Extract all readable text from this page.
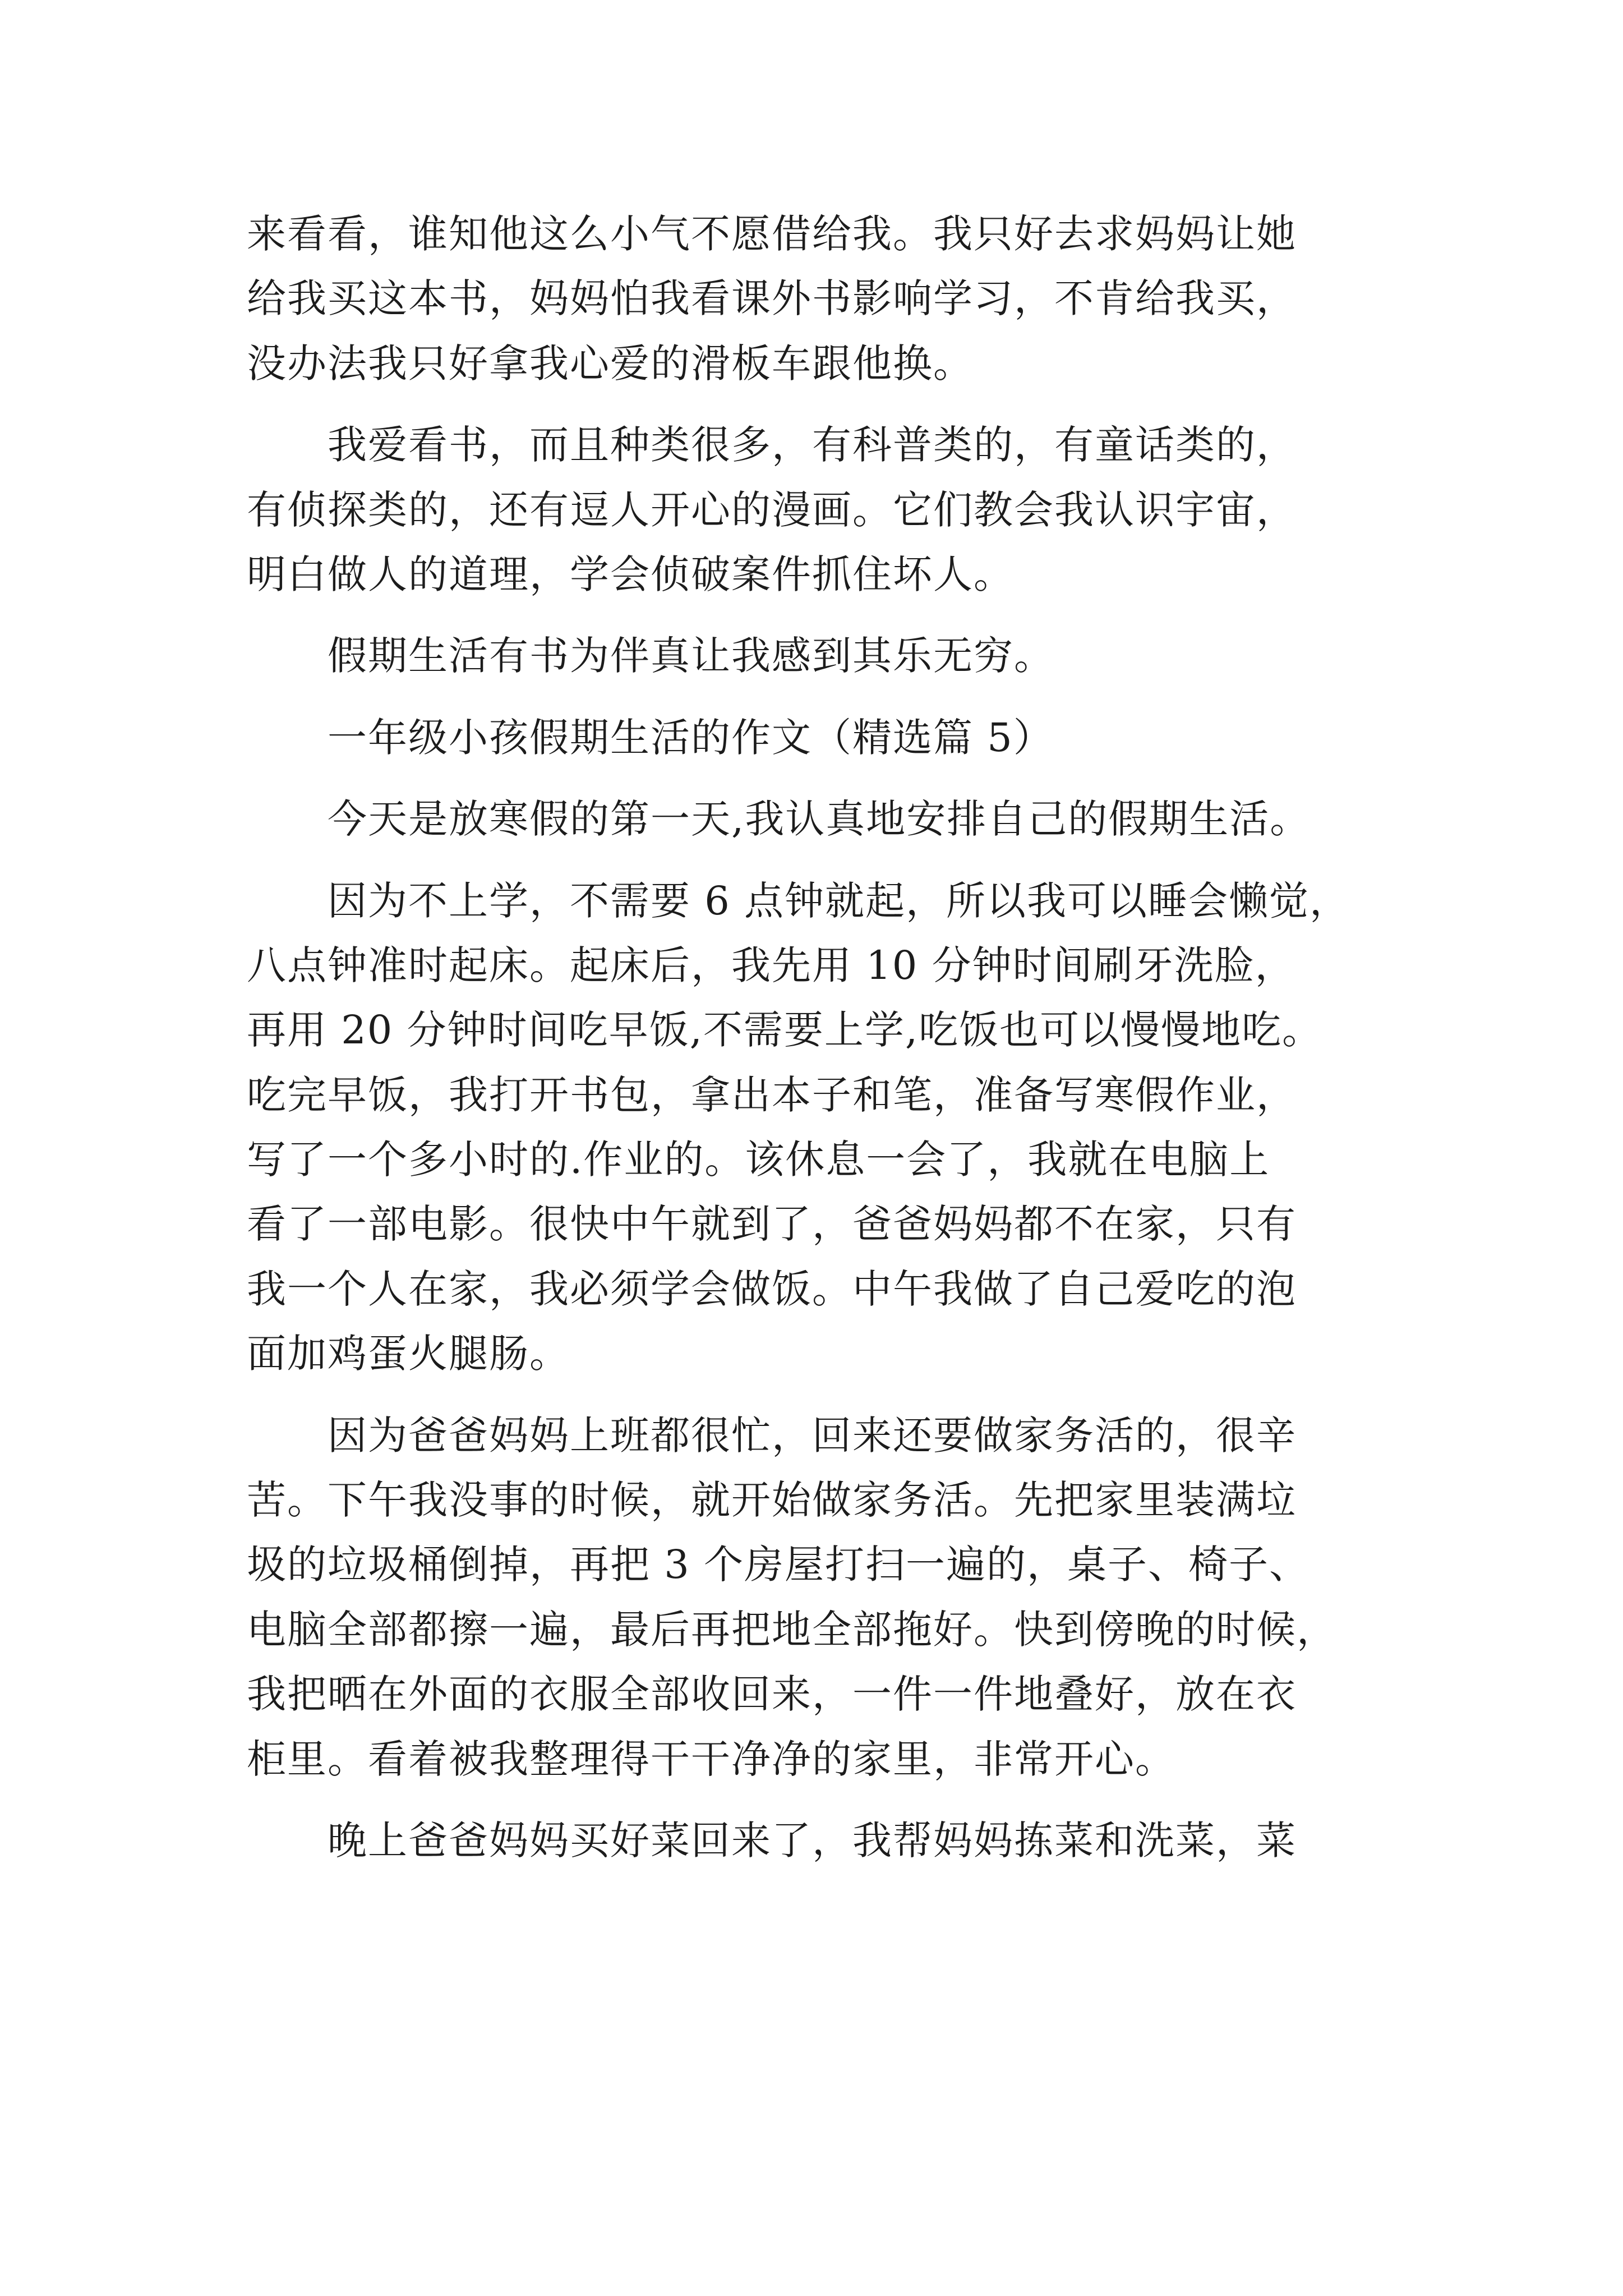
来看看，谁知他这么小气不愿借给我。我只好去求妈妈让她
给我买这本书，妈妈怕我看课外书影响学习，不肯给我买，
没办法我只好拿我心爱的滑板车跟他换。
　　我爱看书，而且种类很多，有科普类的，有童话类的，
有侦探类的，还有逗人开心的漫画。它们教会我认识宇宙，
明白做人的道理，学会侦破案件抓住坏人。
　　假期生活有书为伴真让我感到其乐无穷。
　　一年级小孩假期生活的作文（精选篇 5）
　　今天是放寒假的第一天,我认真地安排自己的假期生活。
　　因为不上学，不需要 6 点钟就起，所以我可以睡会懒觉，
八点钟准时起床。起床后，我先用 10 分钟时间刷牙洗脸，
再用 20 分钟时间吃早饭,不需要上学,吃饭也可以慢慢地吃。
吃完早饭，我打开书包，拿出本子和笔，准备写寒假作业，
写了一个多小时的.作业的。该休息一会了，我就在电脑上
看了一部电影。很快中午就到了，爸爸妈妈都不在家，只有
我一个人在家，我必须学会做饭。中午我做了自己爱吃的泡
面加鸡蛋火腿肠。
　　因为爸爸妈妈上班都很忙，回来还要做家务活的，很辛
苦。下午我没事的时候，就开始做家务活。先把家里装满垃
圾的垃圾桶倒掉，再把 3 个房屋打扫一遍的，桌子、椅子、
电脑全部都擦一遍，最后再把地全部拖好。快到傍晚的时候，
我把晒在外面的衣服全部收回来，一件一件地叠好，放在衣
柜里。看着被我整理得干干净净的家里，非常开心。
　　晚上爸爸妈妈买好菜回来了，我帮妈妈拣菜和洗菜，菜
